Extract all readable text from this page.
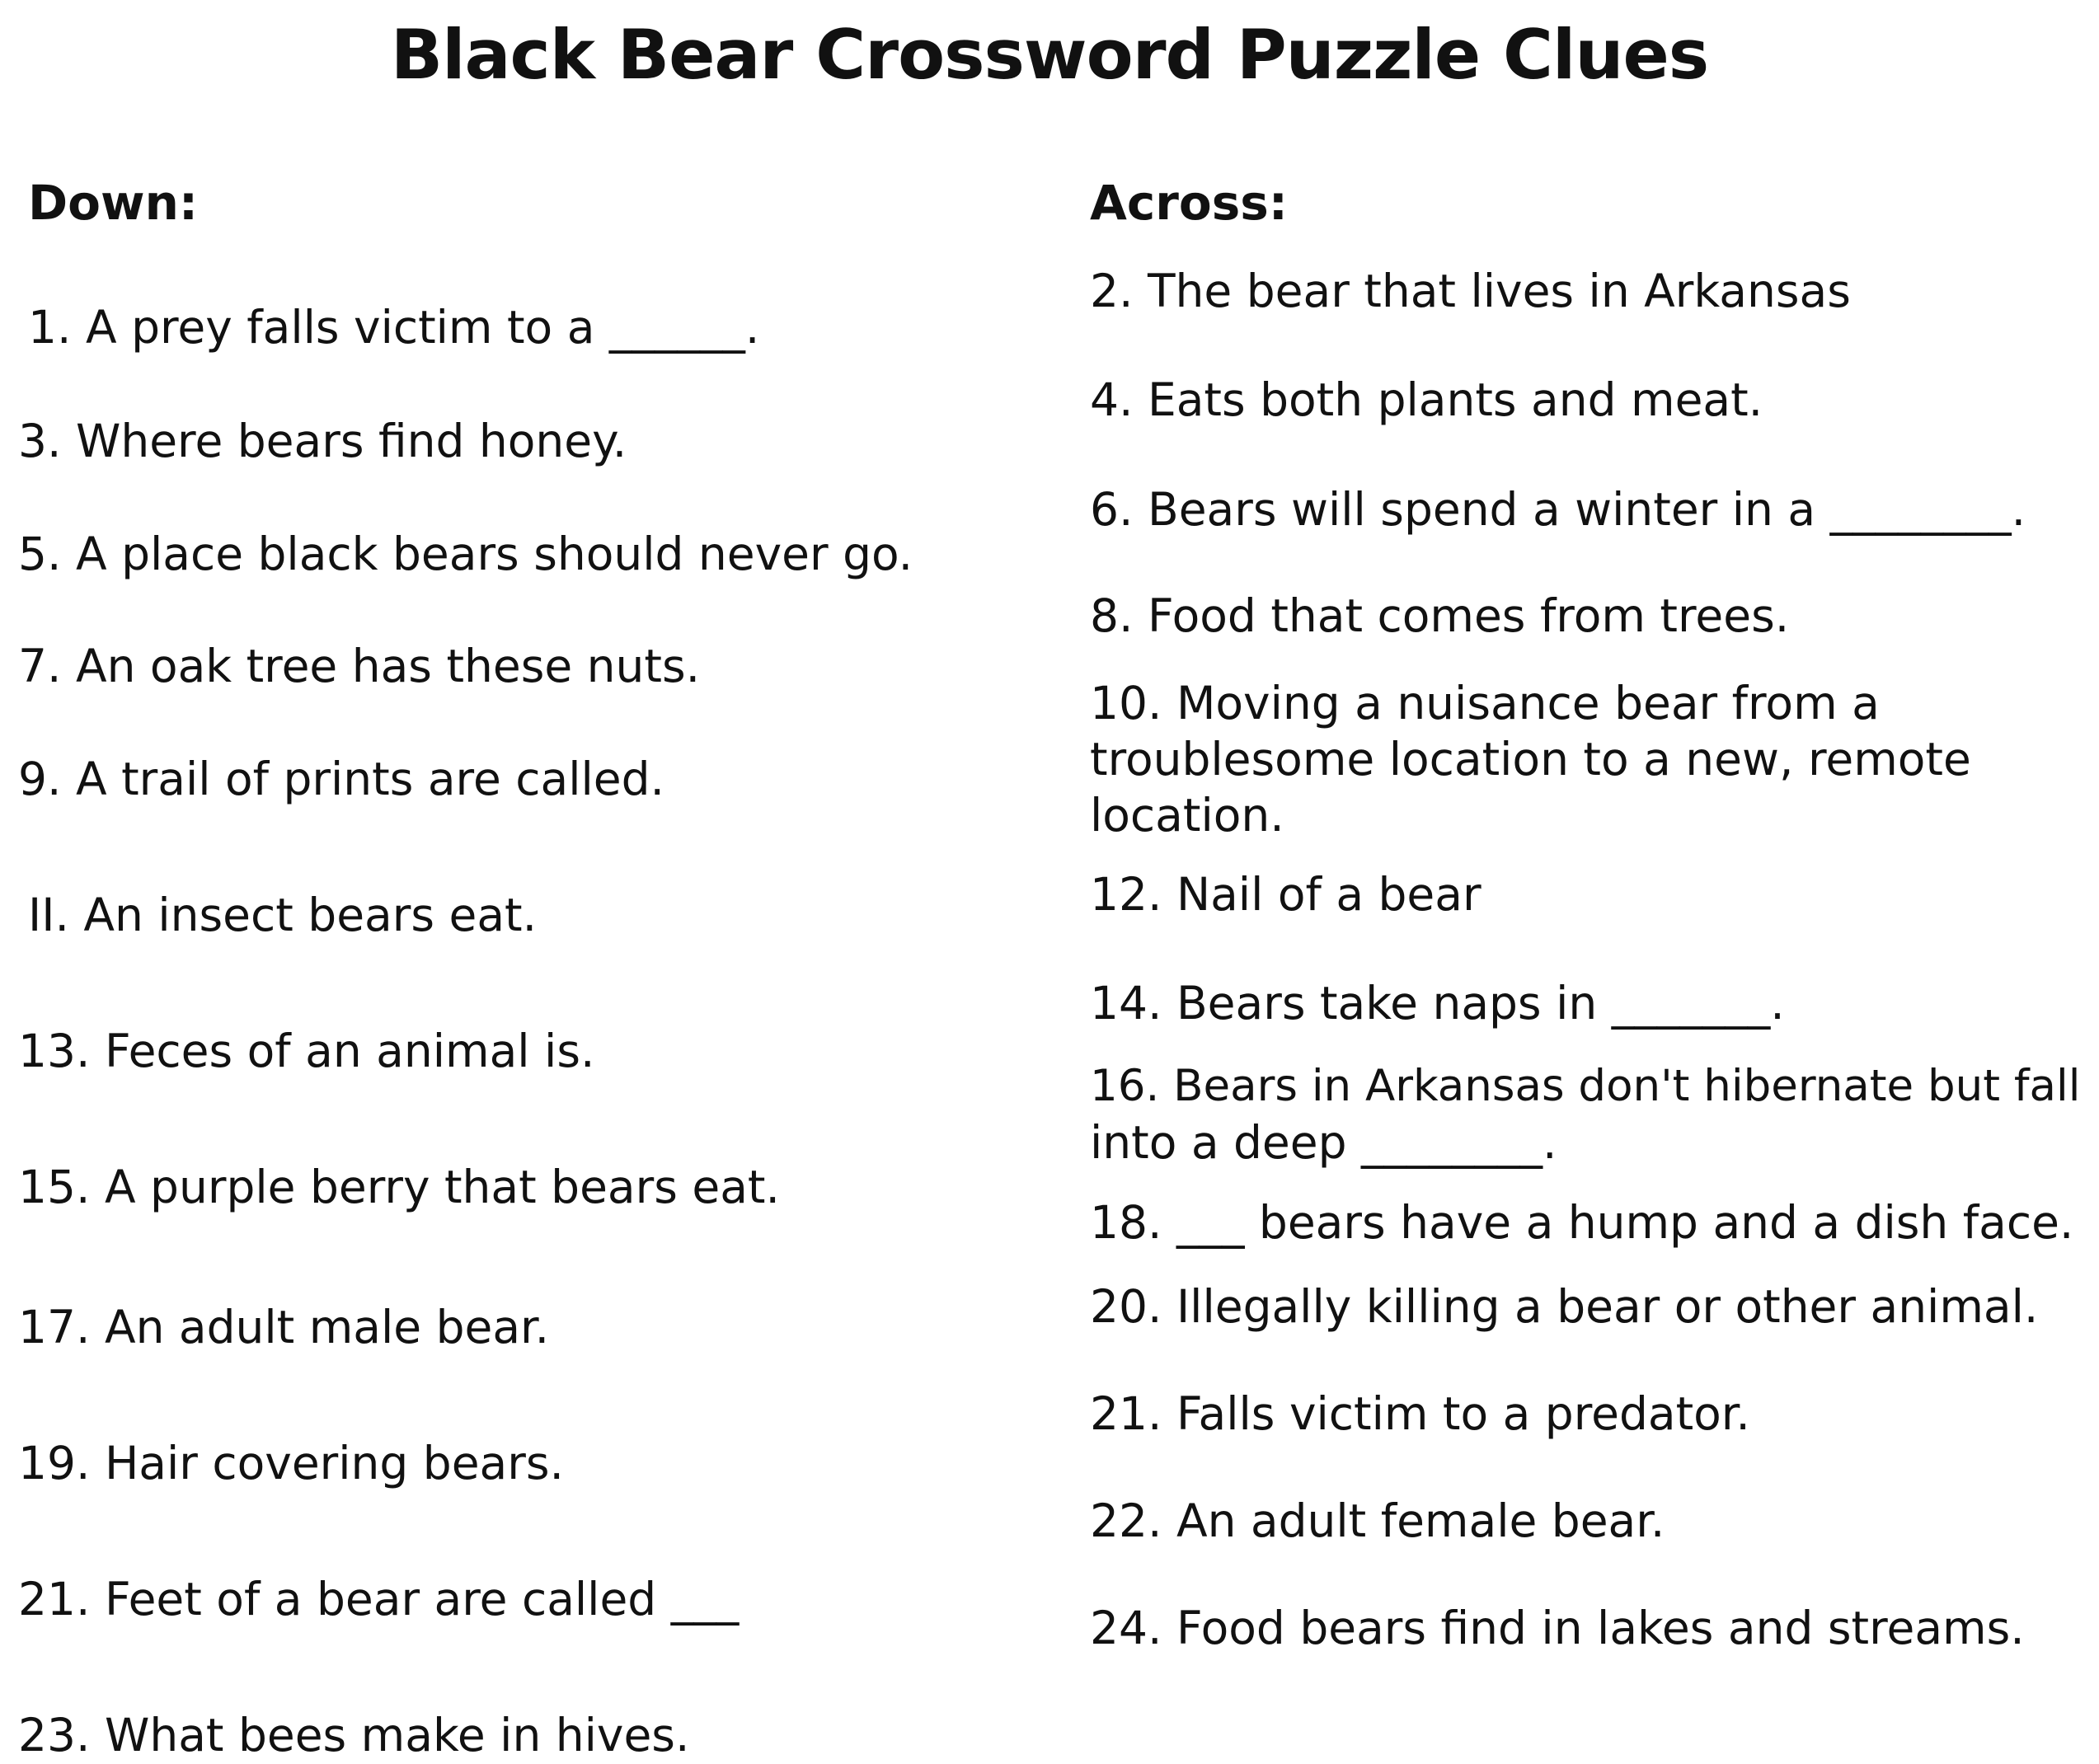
Black Bear Crossword Puzzle Clues
Down:
1. A prey falls victim to a ______.
3. Where bears find honey.
5. A place black bears should never go.
7. An oak tree has these nuts.
9. A trail of prints are called.
II. An insect bears eat.
13. Feces of an animal is.
15. A purple berry that bears eat.
17. An adult male bear.
19. Hair covering bears.
21. Feet of a bear are called ___
23. What bees make in hives.
Across:
2. The bear that lives in Arkansas
4. Eats both plants and meat.
6. Bears will spend a winter in a ________.
8. Food that comes from trees.
10. Moving a nuisance bear from a
troublesome location to a new, remote
location.
12. Nail of a bear
14. Bears take naps in _______.
16. Bears in Arkansas don't hibernate but fall
into a deep ________.
18. ___ bears have a hump and a dish face.
20. Illegally killing a bear or other animal.
21. Falls victim to a predator.
22. An adult female bear.
24. Food bears find in lakes and streams.
